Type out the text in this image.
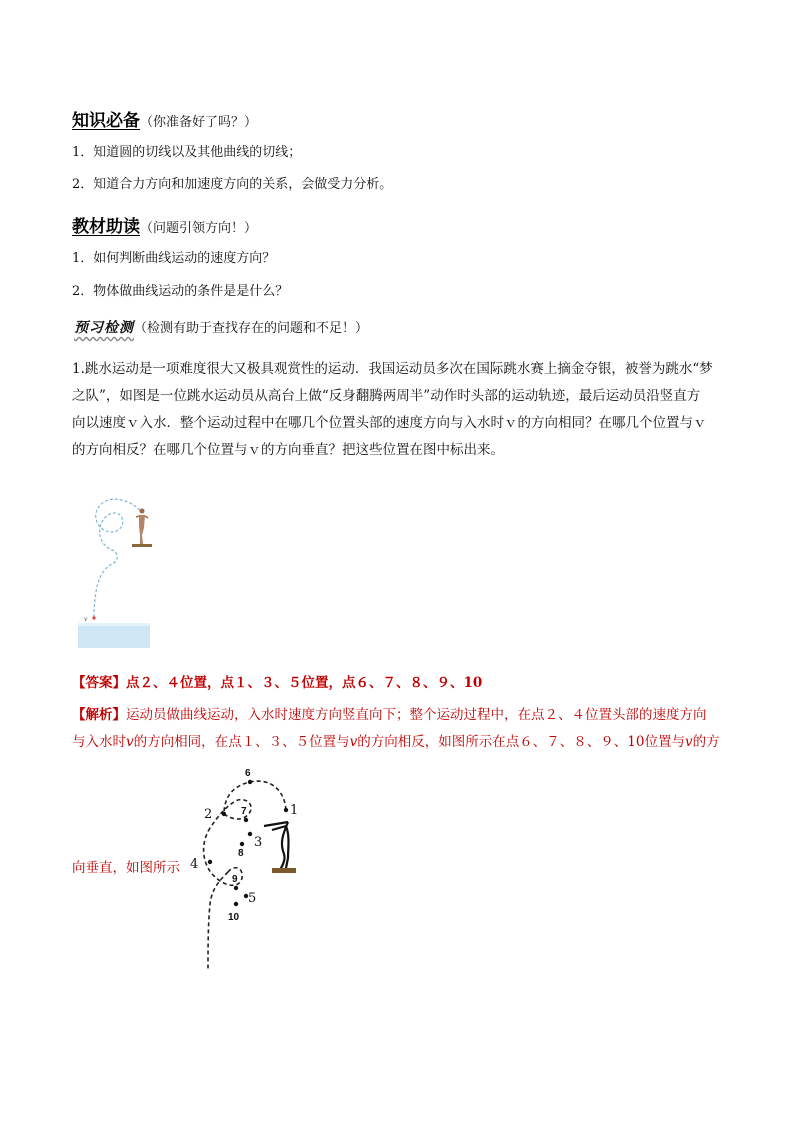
知识必备（你准备好了吗？）
1．知道圆的切线以及其他曲线的切线；
2．知道合力方向和加速度方向的关系，会做受力分析。
教材助读（问题引领方向！）
1．如何判断曲线运动的速度方向？
2．物体做曲线运动的条件是是什么？
预习检测（检测有助于查找存在的问题和不足！）
1.跳水运动是一项难度很大又极具观赏性的运动．我国运动员多次在国际跳水赛上摘金夺银，被誉为跳水“梦
之队”，如图是一位跳水运动员从高台上做“反身翻腾两周半”动作时头部的运动轨迹，最后运动员沿竖直方
向以速度ｖ入水．整个运动过程中在哪几个位置头部的速度方向与入水时ｖ的方向相同？在哪几个位置与ｖ
的方向相反？在哪几个位置与ｖ的方向垂直？把这些位置在图中标出来。
v
【答案】点２、４位置，点１、３、５位置，点６、７、８、９、10
【解析】运动员做曲线运动，入水时速度方向竖直向下；整个运动过程中，在点２、４位置头部的速度方向
与入水时v的方向相同，在点１、３、５位置与v的方向相反，如图所示在点６、７、８、９、10位置与v的方
向垂直，如图所示
6
1
2	7
3
8
4
9
5
10
